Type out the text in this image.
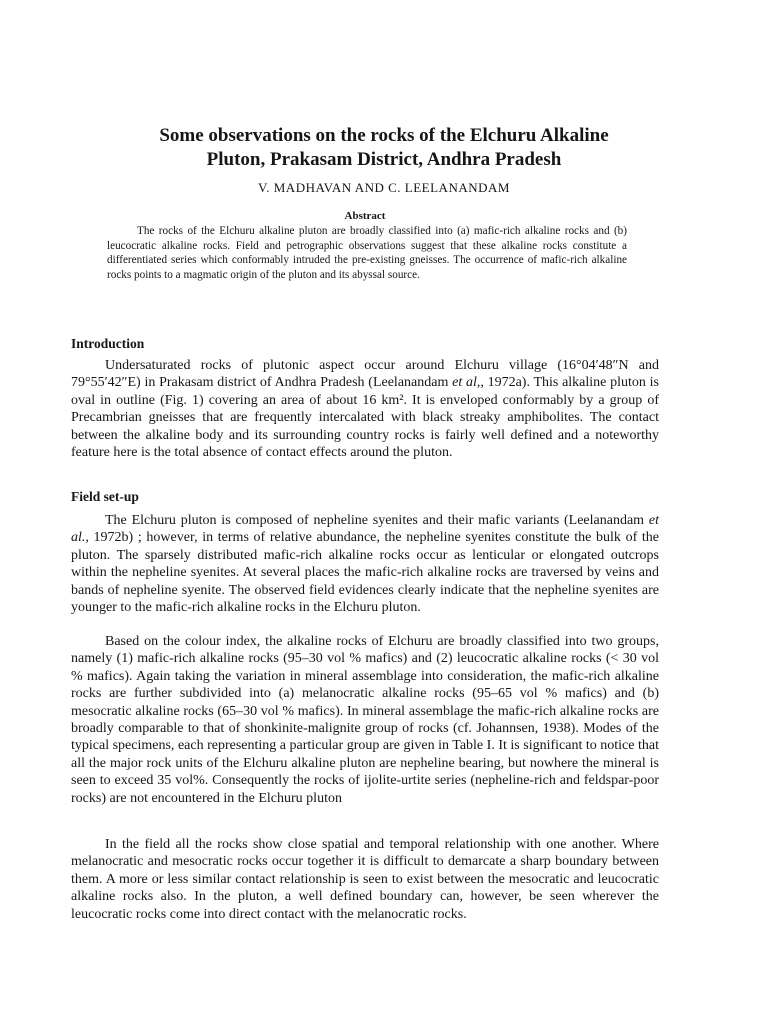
Some observations on the rocks of the Elchuru Alkaline
Pluton, Prakasam District, Andhra Pradesh

V. MADHAVAN AND C. LEELANANDAM

Abstract

The rocks of the Elchuru alkaline pluton are broadly classified into (a) mafic-rich alkaline rocks and (b) leucocratic alkaline rocks. Field and petrographic observations suggest that these alkaline rocks constitute a differentiated series which conformably intruded the pre-existing gneisses. The occurrence of mafic-rich alkaline rocks points to a magmatic origin of the pluton and its abyssal source.

Introduction

Undersaturated rocks of plutonic aspect occur around Elchuru village (16°04′48″N and 79°55′42″E) in Prakasam district of Andhra Pradesh (Leelanandam et al,, 1972a). This alkaline pluton is oval in outline (Fig. 1) covering an area of about 16 km². It is enveloped conformably by a group of Precambrian gneisses that are frequently intercalated with black streaky amphibolites. The contact between the alkaline body and its surrounding country rocks is fairly well defined and a noteworthy feature here is the total absence of contact effects around the pluton.

Field set-up

The Elchuru pluton is composed of nepheline syenites and their mafic variants (Leelanandam et al., 1972b) ; however, in terms of relative abundance, the nepheline syenites constitute the bulk of the pluton. The sparsely distributed mafic-rich alkaline rocks occur as lenticular or elongated outcrops within the nepheline syenites. At several places the mafic-rich alkaline rocks are traversed by veins and bands of nepheline syenite. The observed field evidences clearly indicate that the nepheline syenites are younger to the mafic-rich alkaline rocks in the Elchuru pluton.

Based on the colour index, the alkaline rocks of Elchuru are broadly classified into two groups, namely (1) mafic-rich alkaline rocks (95–30 vol % mafics) and (2) leucocratic alkaline rocks (< 30 vol % mafics). Again taking the variation in mineral assemblage into consideration, the mafic-rich alkaline rocks are further subdivided into (a) melanocratic alkaline rocks (95–65 vol % mafics) and (b) mesocratic alkaline rocks (65–30 vol % mafics). In mineral assemblage the mafic-rich alkaline rocks are broadly comparable to that of shonkinite-malignite group of rocks (cf. Johannsen, 1938). Modes of the typical specimens, each representing a particular group are given in Table I. It is significant to notice that all the major rock units of the Elchuru alkaline pluton are nepheline bearing, but nowhere the mineral is seen to exceed 35 vol%. Consequently the rocks of ijolite-urtite series (nepheline-rich and feldspar-poor rocks) are not encountered in the Elchuru pluton

In the field all the rocks show close spatial and temporal relationship with one another. Where melanocratic and mesocratic rocks occur together it is difficult to demarcate a sharp boundary between them. A more or less similar contact relationship is seen to exist between the mesocratic and leucocratic alkaline rocks also. In the pluton, a well defined boundary can, however, be seen wherever the leucocratic rocks come into direct contact with the melanocratic rocks.
